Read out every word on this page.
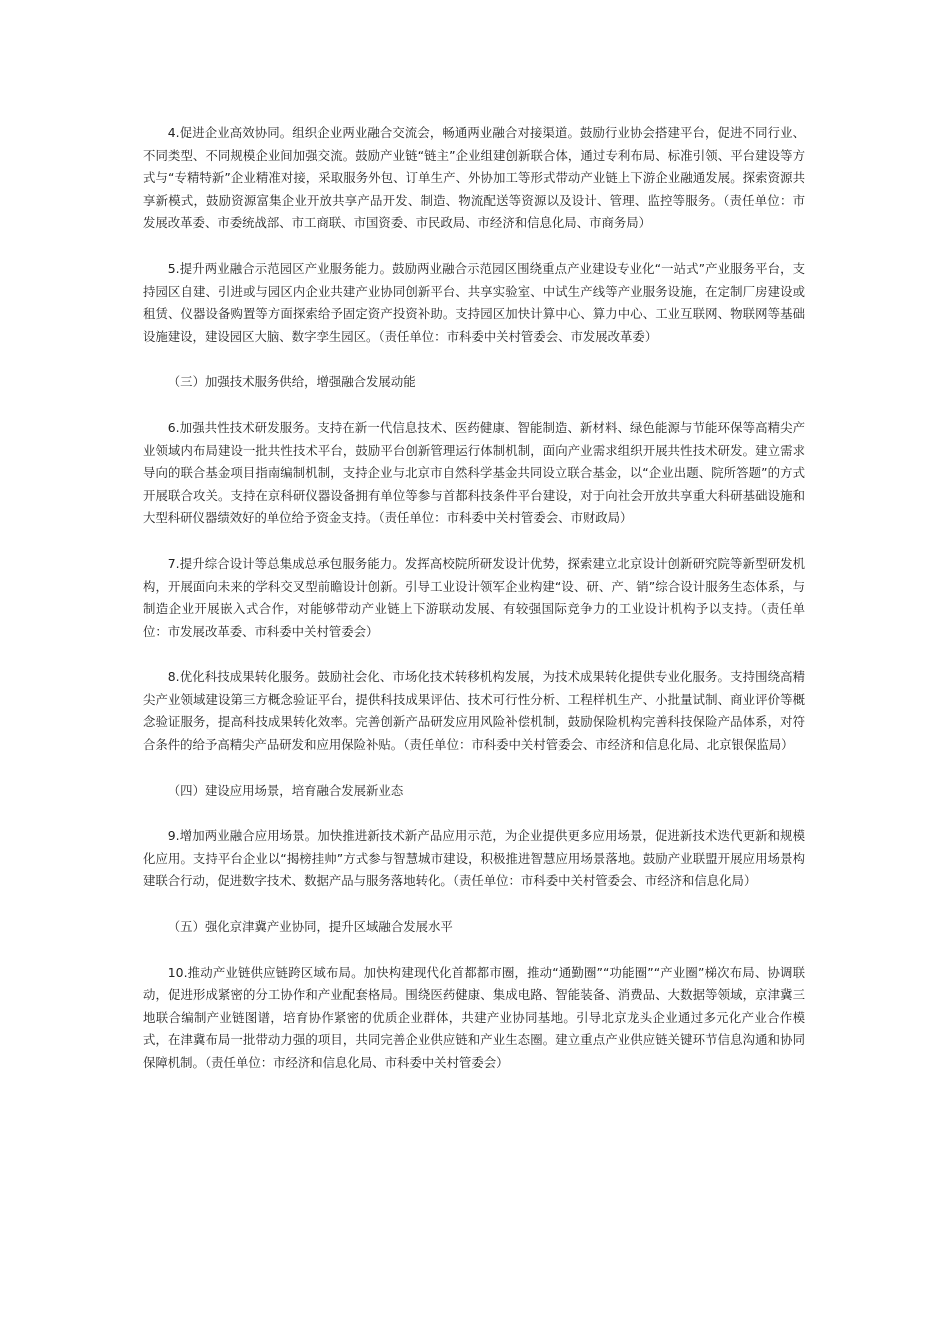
4.促进企业高效协同。组织企业两业融合交流会，畅通两业融合对接渠道。鼓励行业协会搭建平台，促进不同行业、不同类型、不同规模企业间加强交流。鼓励产业链“链主”企业组建创新联合体，通过专利布局、标准引领、平台建设等方式与“专精特新”企业精准对接，采取服务外包、订单生产、外协加工等形式带动产业链上下游企业融通发展。探索资源共享新模式，鼓励资源富集企业开放共享产品开发、制造、物流配送等资源以及设计、管理、监控等服务。（责任单位：市发展改革委、市委统战部、市工商联、市国资委、市民政局、市经济和信息化局、市商务局）

5.提升两业融合示范园区产业服务能力。鼓励两业融合示范园区围绕重点产业建设专业化“一站式”产业服务平台，支持园区自建、引进或与园区内企业共建产业协同创新平台、共享实验室、中试生产线等产业服务设施，在定制厂房建设或租赁、仪器设备购置等方面探索给予固定资产投资补助。支持园区加快计算中心、算力中心、工业互联网、物联网等基础设施建设，建设园区大脑、数字孪生园区。（责任单位：市科委中关村管委会、市发展改革委）

（三）加强技术服务供给，增强融合发展动能

6.加强共性技术研发服务。支持在新一代信息技术、医药健康、智能制造、新材料、绿色能源与节能环保等高精尖产业领域内布局建设一批共性技术平台，鼓励平台创新管理运行体制机制，面向产业需求组织开展共性技术研发。建立需求导向的联合基金项目指南编制机制，支持企业与北京市自然科学基金共同设立联合基金，以“企业出题、院所答题”的方式开展联合攻关。支持在京科研仪器设备拥有单位等参与首都科技条件平台建设，对于向社会开放共享重大科研基础设施和大型科研仪器绩效好的单位给予资金支持。（责任单位：市科委中关村管委会、市财政局）

7.提升综合设计等总集成总承包服务能力。发挥高校院所研发设计优势，探索建立北京设计创新研究院等新型研发机构，开展面向未来的学科交叉型前瞻设计创新。引导工业设计领军企业构建“设、研、产、销”综合设计服务生态体系，与制造企业开展嵌入式合作，对能够带动产业链上下游联动发展、有较强国际竞争力的工业设计机构予以支持。（责任单位：市发展改革委、市科委中关村管委会）

8.优化科技成果转化服务。鼓励社会化、市场化技术转移机构发展，为技术成果转化提供专业化服务。支持围绕高精尖产业领域建设第三方概念验证平台，提供科技成果评估、技术可行性分析、工程样机生产、小批量试制、商业评价等概念验证服务，提高科技成果转化效率。完善创新产品研发应用风险补偿机制，鼓励保险机构完善科技保险产品体系，对符合条件的给予高精尖产品研发和应用保险补贴。（责任单位：市科委中关村管委会、市经济和信息化局、北京银保监局）

（四）建设应用场景，培育融合发展新业态

9.增加两业融合应用场景。加快推进新技术新产品应用示范，为企业提供更多应用场景，促进新技术迭代更新和规模化应用。支持平台企业以“揭榜挂帅”方式参与智慧城市建设，积极推进智慧应用场景落地。鼓励产业联盟开展应用场景构建联合行动，促进数字技术、数据产品与服务落地转化。（责任单位：市科委中关村管委会、市经济和信息化局）

（五）强化京津冀产业协同，提升区域融合发展水平

10.推动产业链供应链跨区域布局。加快构建现代化首都都市圈，推动“通勤圈”“功能圈”“产业圈”梯次布局、协调联动，促进形成紧密的分工协作和产业配套格局。围绕医药健康、集成电路、智能装备、消费品、大数据等领域，京津冀三地联合编制产业链图谱，培育协作紧密的优质企业群体，共建产业协同基地。引导北京龙头企业通过多元化产业合作模式，在津冀布局一批带动力强的项目，共同完善企业供应链和产业生态圈。建立重点产业供应链关键环节信息沟通和协同保障机制。（责任单位：市经济和信息化局、市科委中关村管委会）
